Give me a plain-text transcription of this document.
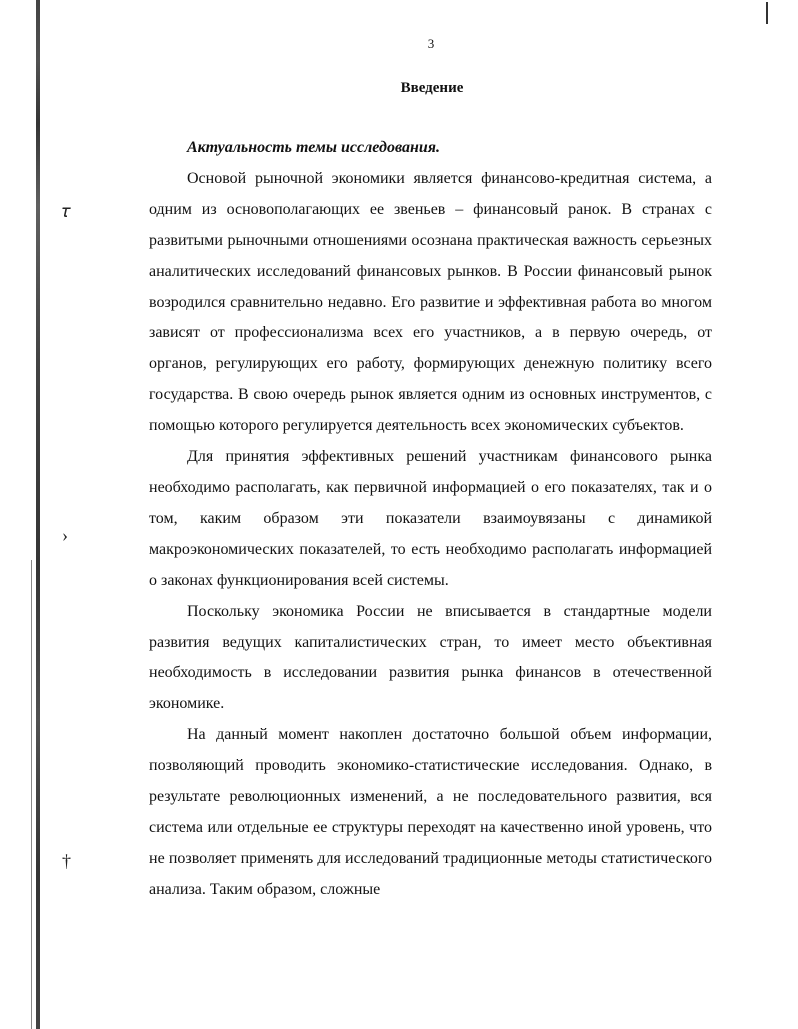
𝜏
›
†
3
Введение

Актуальность темы исследования.

Основой рыночной экономики является финансово-кредитная система, а одним из основополагающих ее звеньев – финансовый ранок. В странах с развитыми рыночными отношениями осознана практическая важность серьезных аналитических исследований финансовых рынков. В России финансовый рынок возродился сравнительно недавно. Его развитие и эффективная работа во многом зависят от профессионализма всех его участников, а в первую очередь, от органов, регулирующих его работу, формирующих денежную политику всего государства. В свою очередь рынок является одним из основных инструментов, с помощью которого регулируется деятельность всех экономических субъектов.

Для принятия эффективных решений участникам финансового рынка необходимо располагать, как первичной информацией о его показателях, так и о том, каким образом эти показатели взаимоувязаны с динамикой макроэкономических показателей, то есть необходимо располагать информацией о законах функционирования всей системы.

Поскольку экономика России не вписывается в стандартные модели развития ведущих капиталистических стран, то имеет место объективная необходимость в исследовании развития рынка финансов в отечественной экономике.

На данный момент накоплен достаточно большой объем информации, позволяющий проводить экономико-статистические исследования. Однако, в результате революционных изменений, а не последовательного развития, вся система или отдельные ее структуры переходят на качественно иной уровень, что не позволяет применять для исследований традиционные методы статистического анализа. Таким образом, сложные
